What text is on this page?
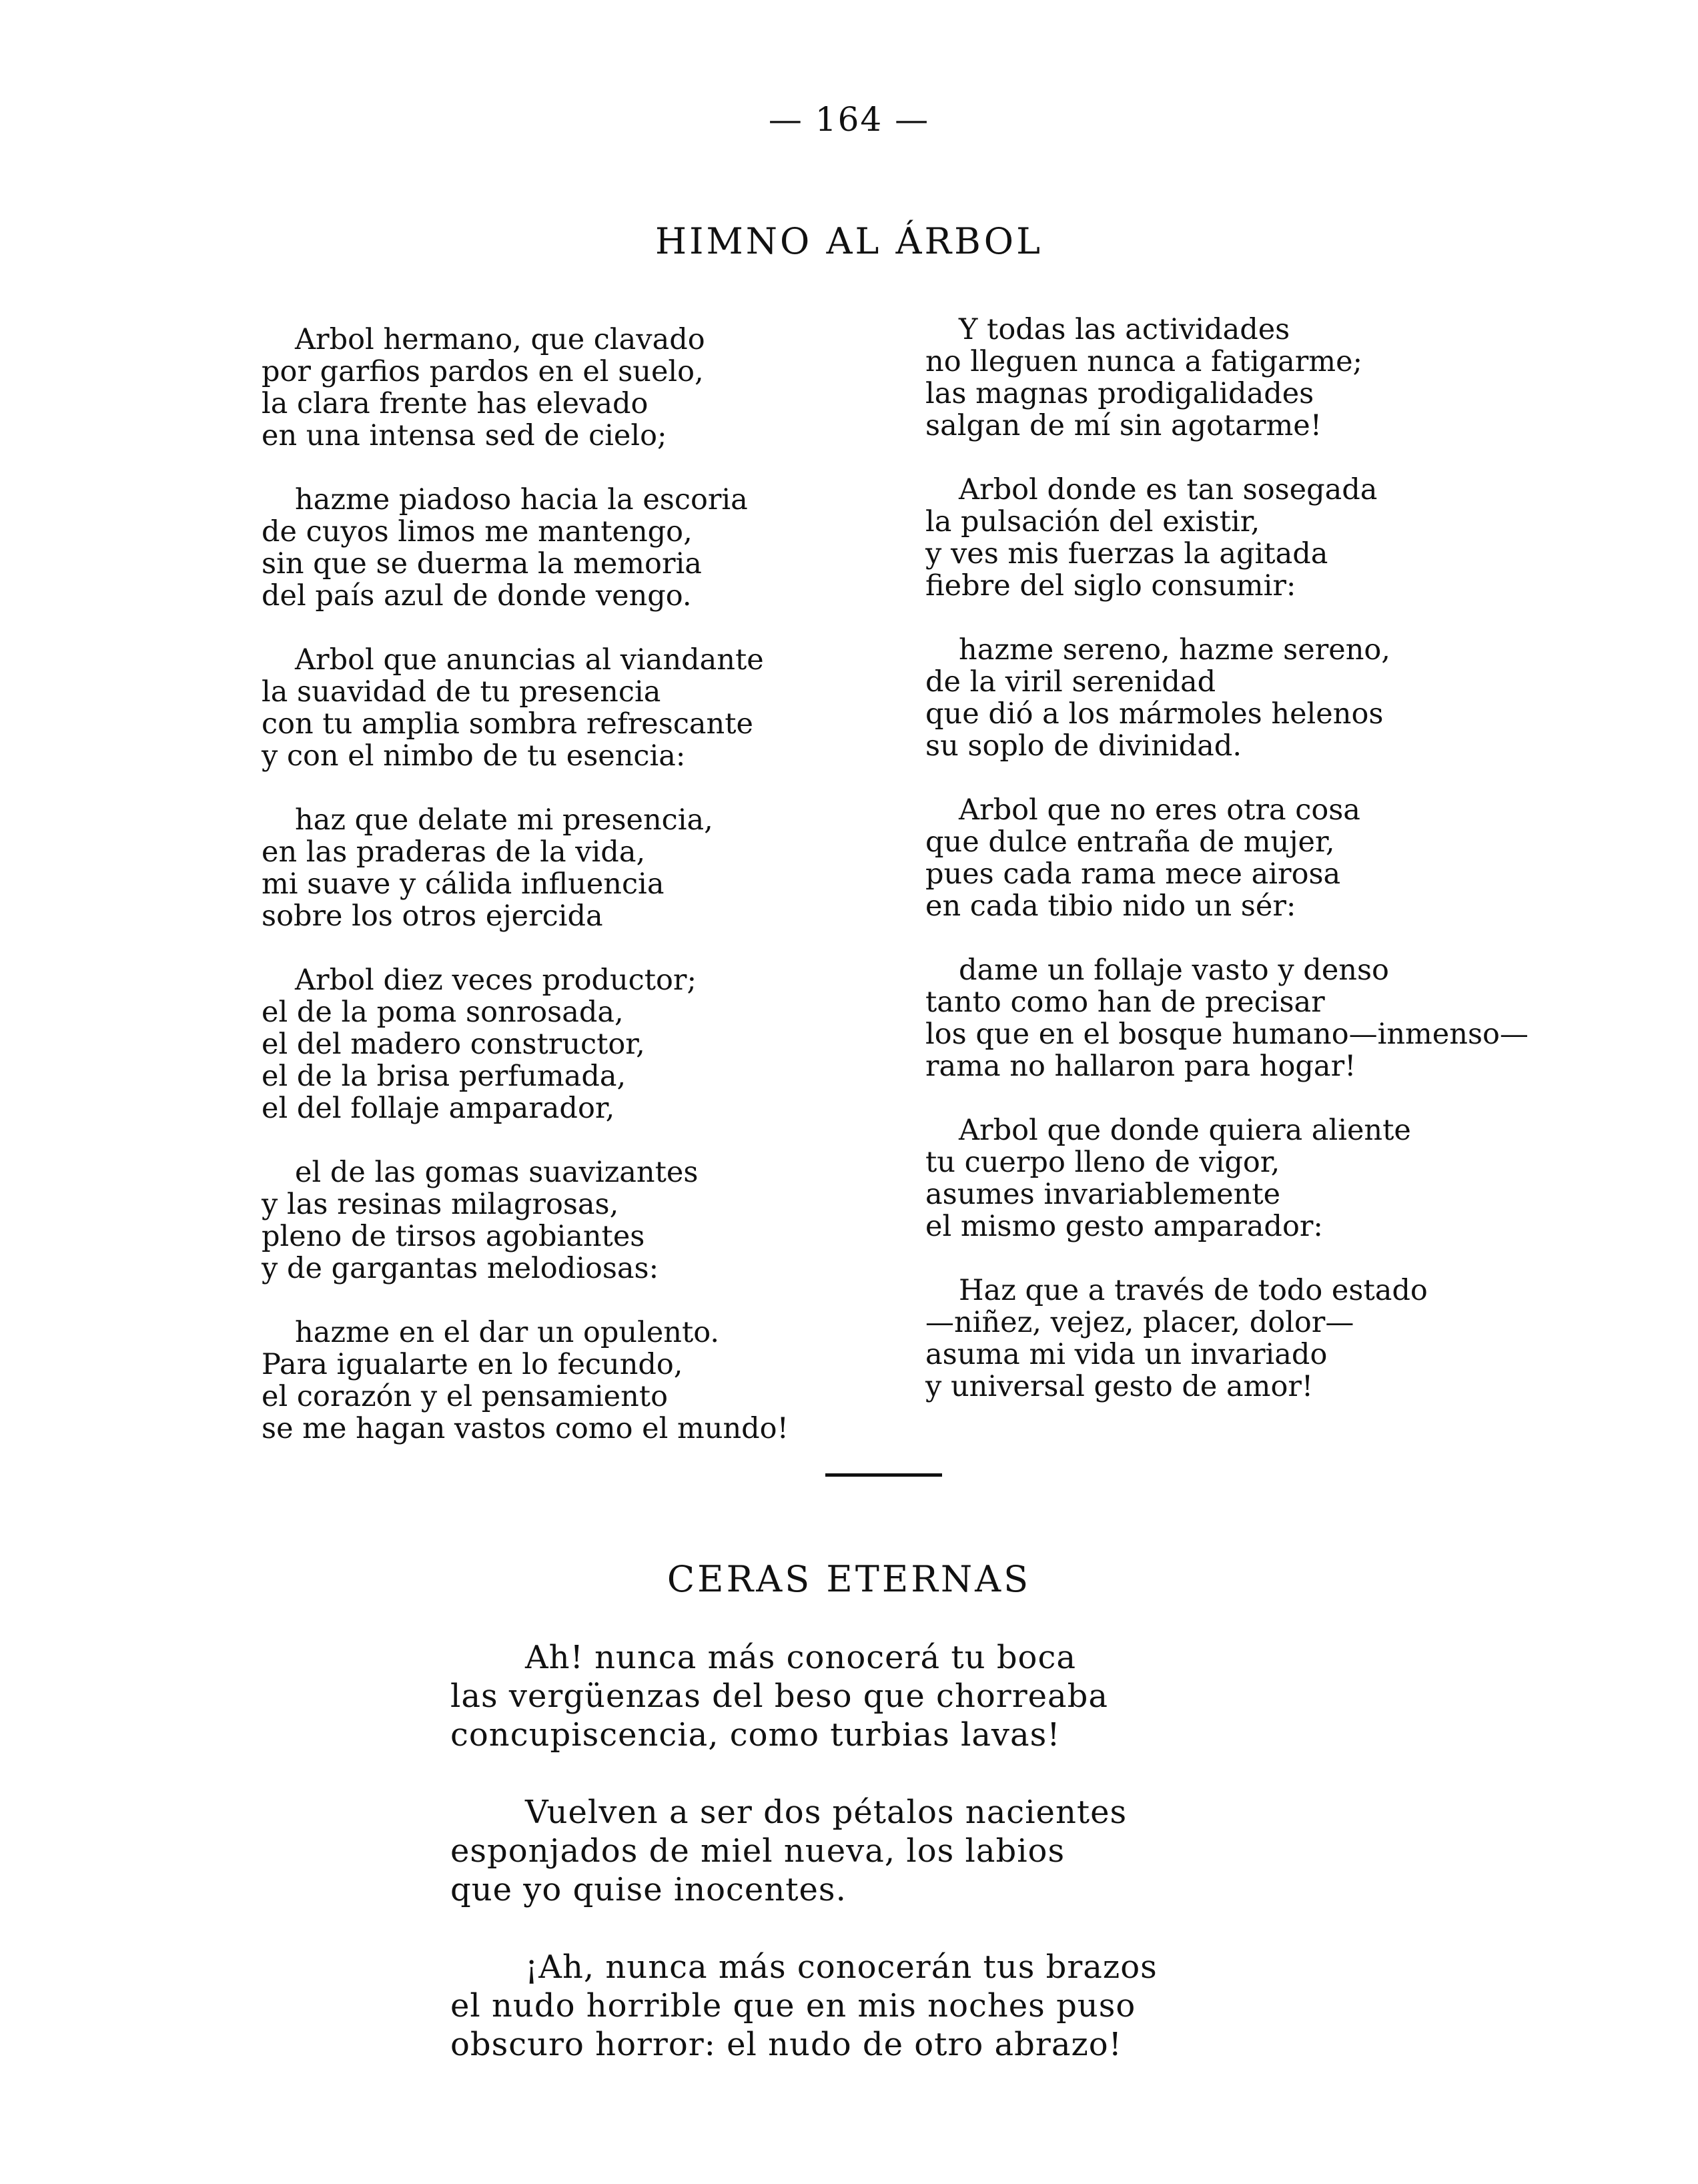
— 164 —
HIMNO AL ÁRBOL
Arbol hermano, que clavado
por garfios pardos en el suelo,
la clara frente has elevado
en una intensa sed de cielo;
hazme piadoso hacia la escoria
de cuyos limos me mantengo,
sin que se duerma la memoria
del país azul de donde vengo.
Arbol que anuncias al viandante
la suavidad de tu presencia
con tu amplia sombra refrescante
y con el nimbo de tu esencia:
haz que delate mi presencia,
en las praderas de la vida,
mi suave y cálida influencia
sobre los otros ejercida
Arbol diez veces productor;
el de la poma sonrosada,
el del madero constructor,
el de la brisa perfumada,
el del follaje amparador,
el de las gomas suavizantes
y las resinas milagrosas,
pleno de tirsos agobiantes
y de gargantas melodiosas:
hazme en el dar un opulento.
Para igualarte en lo fecundo,
el corazón y el pensamiento
se me hagan vastos como el mundo!
Y todas las actividades
no lleguen nunca a fatigarme;
las magnas prodigalidades
salgan de mí sin agotarme!
Arbol donde es tan sosegada
la pulsación del existir,
y ves mis fuerzas la agitada
fiebre del siglo consumir:
hazme sereno, hazme sereno,
de la viril serenidad
que dió a los mármoles helenos
su soplo de divinidad.
Arbol que no eres otra cosa
que dulce entraña de mujer,
pues cada rama mece airosa
en cada tibio nido un sér:
dame un follaje vasto y denso
tanto como han de precisar
los que en el bosque humano—inmenso—
rama no hallaron para hogar!
Arbol que donde quiera aliente
tu cuerpo lleno de vigor,
asumes invariablemente
el mismo gesto amparador:
Haz que a través de todo estado
—niñez, vejez, placer, dolor—
asuma mi vida un invariado
y universal gesto de amor!
CERAS ETERNAS
Ah! nunca más conocerá tu boca
las vergüenzas del beso que chorreaba
concupiscencia, como turbias lavas!
Vuelven a ser dos pétalos nacientes
esponjados de miel nueva, los labios
que yo quise inocentes.
¡Ah, nunca más conocerán tus brazos
el nudo horrible que en mis noches puso
obscuro horror: el nudo de otro abrazo!
